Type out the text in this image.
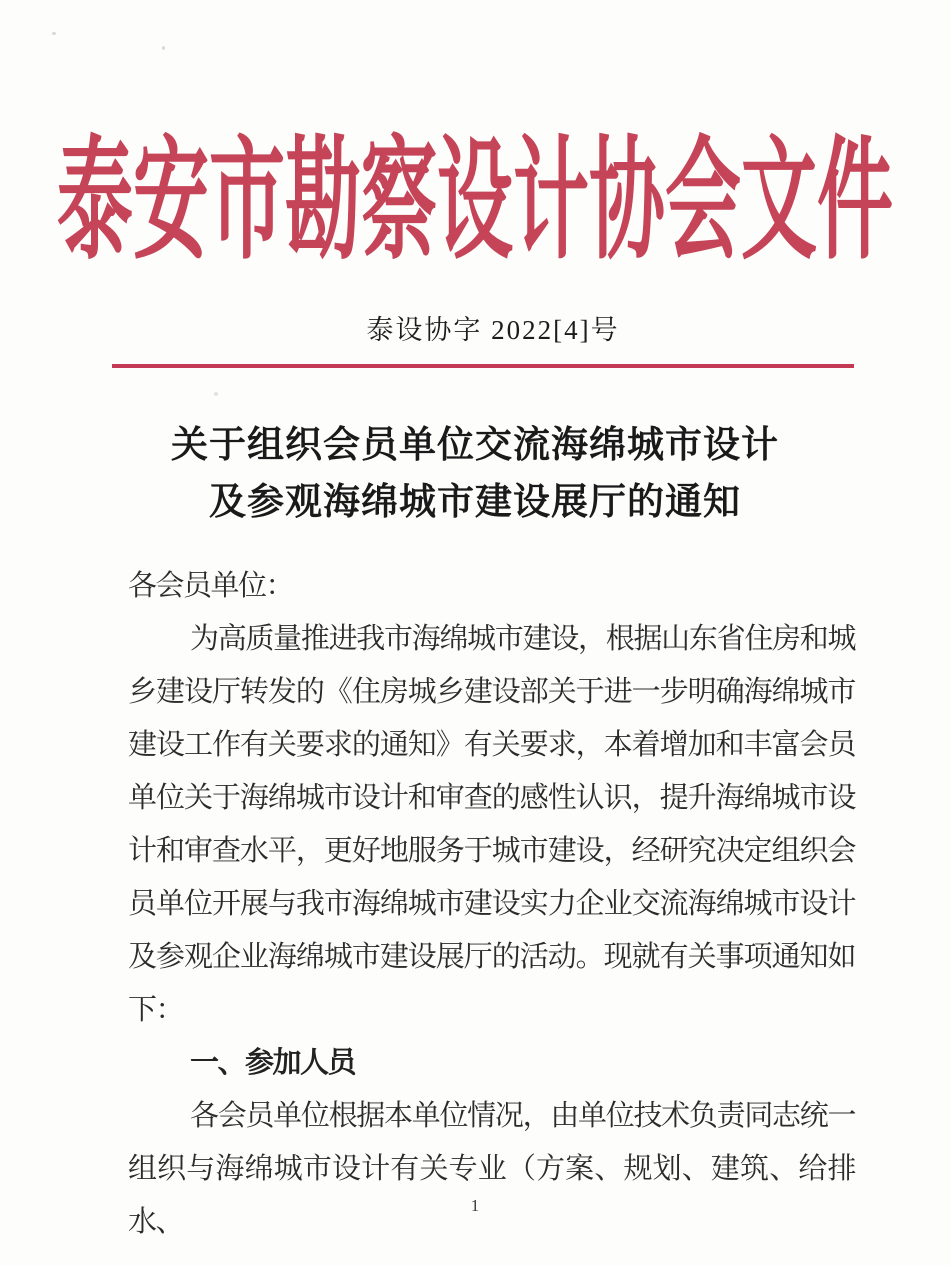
泰安市勘察设计协会文件
泰设协字 2022[4]号
关于组织会员单位交流海绵城市设计
及参观海绵城市建设展厅的通知
各会员单位：

为高质量推进我市海绵城市建设，根据山东省住房和城乡建设厅转发的《住房城乡建设部关于进一步明确海绵城市建设工作有关要求的通知》有关要求，本着增加和丰富会员单位关于海绵城市设计和审查的感性认识，提升海绵城市设计和审查水平，更好地服务于城市建设，经研究决定组织会员单位开展与我市海绵城市建设实力企业交流海绵城市设计及参观企业海绵城市建设展厅的活动。现就有关事项通知如下：

一、参加人员

各会员单位根据本单位情况，由单位技术负责同志统一组织与海绵城市设计有关专业（方案、规划、建筑、给排水、

1
